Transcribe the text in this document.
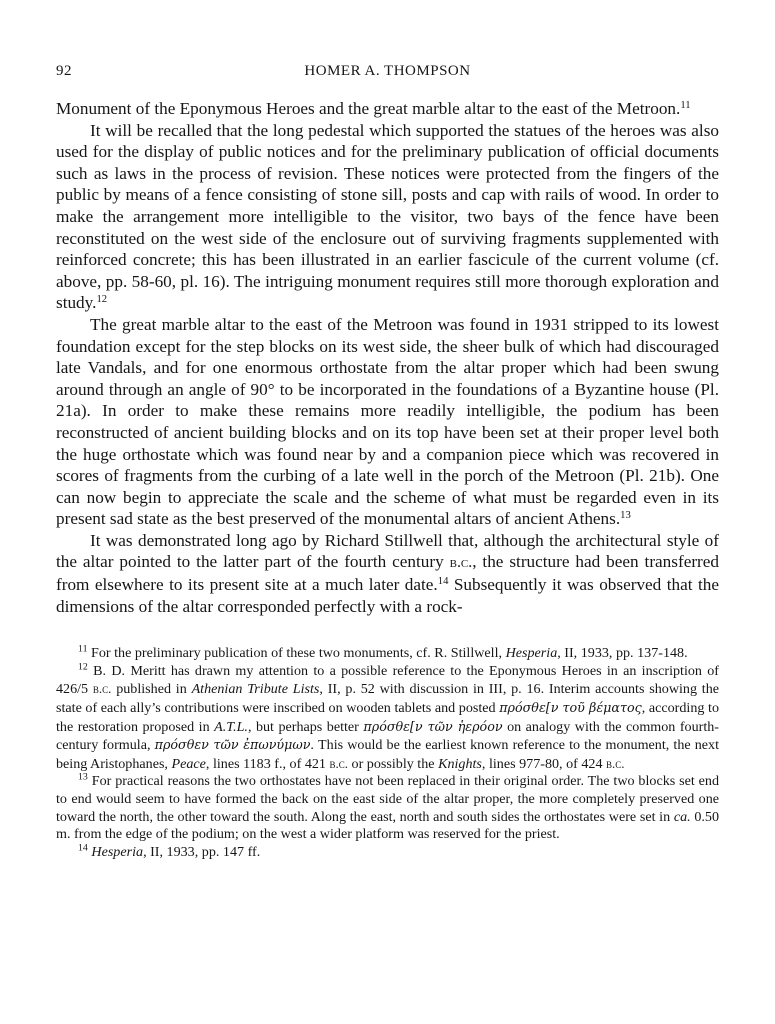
92	HOMER A. THOMPSON

Monument of the Eponymous Heroes and the great marble altar to the east of the Metroon.$^{11}$

It will be recalled that the long pedestal which supported the statues of the heroes was also used for the display of public notices and for the preliminary publication of official documents such as laws in the process of revision. These notices were protected from the fingers of the public by means of a fence consisting of stone sill, posts and cap with rails of wood. In order to make the arrangement more intelligible to the visitor, two bays of the fence have been reconstituted on the west side of the enclosure out of surviving fragments supplemented with reinforced concrete; this has been illustrated in an earlier fascicule of the current volume (cf. above, pp. 58-60, pl. 16). The intriguing monument requires still more thorough exploration and study.$^{12}$

The great marble altar to the east of the Metroon was found in 1931 stripped to its lowest foundation except for the step blocks on its west side, the sheer bulk of which had discouraged late Vandals, and for one enormous orthostate from the altar proper which had been swung around through an angle of 90° to be incorporated in the foundations of a Byzantine house (Pl. 21a). In order to make these remains more readily intelligible, the podium has been reconstructed of ancient building blocks and on its top have been set at their proper level both the huge orthostate which was found near by and a companion piece which was recovered in scores of fragments from the curbing of a late well in the porch of the Metroon (Pl. 21b). One can now begin to appreciate the scale and the scheme of what must be regarded even in its present sad state as the best preserved of the monumental altars of ancient Athens.$^{13}$

It was demonstrated long ago by Richard Stillwell that, although the architectural style of the altar pointed to the latter part of the fourth century b.c., the structure had been transferred from elsewhere to its present site at a much later date.$^{14}$ Subsequently it was observed that the dimensions of the altar corresponded perfectly with a rock-

$^{11}$ For the preliminary publication of these two monuments, cf. R. Stillwell, Hesperia, II, 1933, pp. 137-148.

$^{12}$ B. D. Meritt has drawn my attention to a possible reference to the Eponymous Heroes in an inscription of 426/5 b.c. published in Athenian Tribute Lists, II, p. 52 with discussion in III, p. 16. Interim accounts showing the state of each ally’s contributions were inscribed on wooden tablets and posted πρόσθε[ν τοῦ βέματος, according to the restoration proposed in A.T.L., but perhaps better πρόσθε[ν τῶν ἡερόον on analogy with the common fourth-century formula, πρόσθεν τῶν ἐπωνύμων. This would be the earliest known reference to the monument, the next being Aristophanes, Peace, lines 1183 f., of 421 b.c. or possibly the Knights, lines 977-80, of 424 b.c.

$^{13}$ For practical reasons the two orthostates have not been replaced in their original order. The two blocks set end to end would seem to have formed the back on the east side of the altar proper, the more completely preserved one toward the north, the other toward the south. Along the east, north and south sides the orthostates were set in ca. 0.50 m. from the edge of the podium; on the west a wider platform was reserved for the priest.

$^{14}$ Hesperia, II, 1933, pp. 147 ff.
